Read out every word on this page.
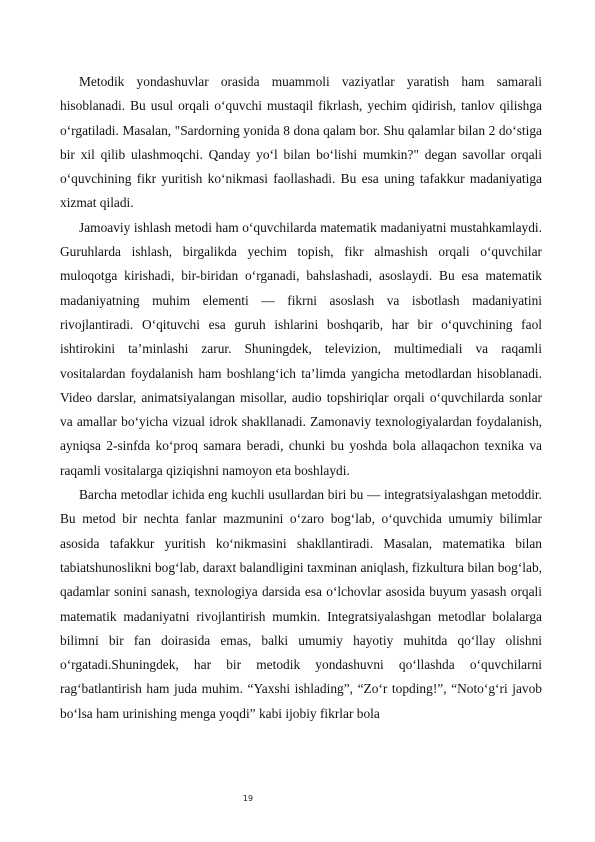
Metodik yondashuvlar orasida muammoli vaziyatlar yaratish ham samarali hisoblanadi. Bu usul orqali o‘quvchi mustaqil fikrlash, yechim qidirish, tanlov qilishga o‘rgatiladi. Masalan, "Sardorning yonida 8 dona qalam bor. Shu qalamlar bilan 2 do‘stiga bir xil qilib ulashmoqchi. Qanday yo‘l bilan bo‘lishi mumkin?" degan savollar orqali o‘quvchining fikr yuritish ko‘nikmasi faollashadi. Bu esa uning tafakkur madaniyatiga xizmat qiladi.

Jamoaviy ishlash metodi ham o‘quvchilarda matematik madaniyatni mustahkamlaydi. Guruhlarda ishlash, birgalikda yechim topish, fikr almashish orqali o‘quvchilar muloqotga kirishadi, bir-biridan o‘rganadi, bahslashadi, asoslaydi. Bu esa matematik madaniyatning muhim elementi — fikrni asoslash va isbotlash madaniyatini rivojlantiradi. O‘qituvchi esa guruh ishlarini boshqarib, har bir o‘quvchining faol ishtirokini ta’minlashi zarur. Shuningdek, televizion, multimediali va raqamli vositalardan foydalanish ham boshlang‘ich ta’limda yangicha metodlardan hisoblanadi. Video darslar, animatsiyalangan misollar, audio topshiriqlar orqali o‘quvchilarda sonlar va amallar bo‘yicha vizual idrok shakllanadi. Zamonaviy texnologiyalardan foydalanish, ayniqsa 2-sinfda ko‘proq samara beradi, chunki bu yoshda bola allaqachon texnika va raqamli vositalarga qiziqishni namoyon eta boshlaydi.

Barcha metodlar ichida eng kuchli usullardan biri bu — integratsiyalashgan metoddir. Bu metod bir nechta fanlar mazmunini o‘zaro bog‘lab, o‘quvchida umumiy bilimlar asosida tafakkur yuritish ko‘nikmasini shakllantiradi. Masalan, matematika bilan tabiatshunoslikni bog‘lab, daraxt balandligini taxminan aniqlash, fizkultura bilan bog‘lab, qadamlar sonini sanash, texnologiya darsida esa o‘lchovlar asosida buyum yasash orqali matematik madaniyatni rivojlantirish mumkin. Integratsiyalashgan metodlar bolalarga bilimni bir fan doirasida emas, balki umumiy hayotiy muhitda qo‘llay olishni o‘rgatadi.Shuningdek, har bir metodik yondashuvni qo‘llashda o‘quvchilarni rag‘batlantirish ham juda muhim. “Yaxshi ishlading”, “Zo‘r topding!”, “Noto‘g‘ri javob bo‘lsa ham urinishing menga yoqdi” kabi ijobiy fikrlar bola

19
